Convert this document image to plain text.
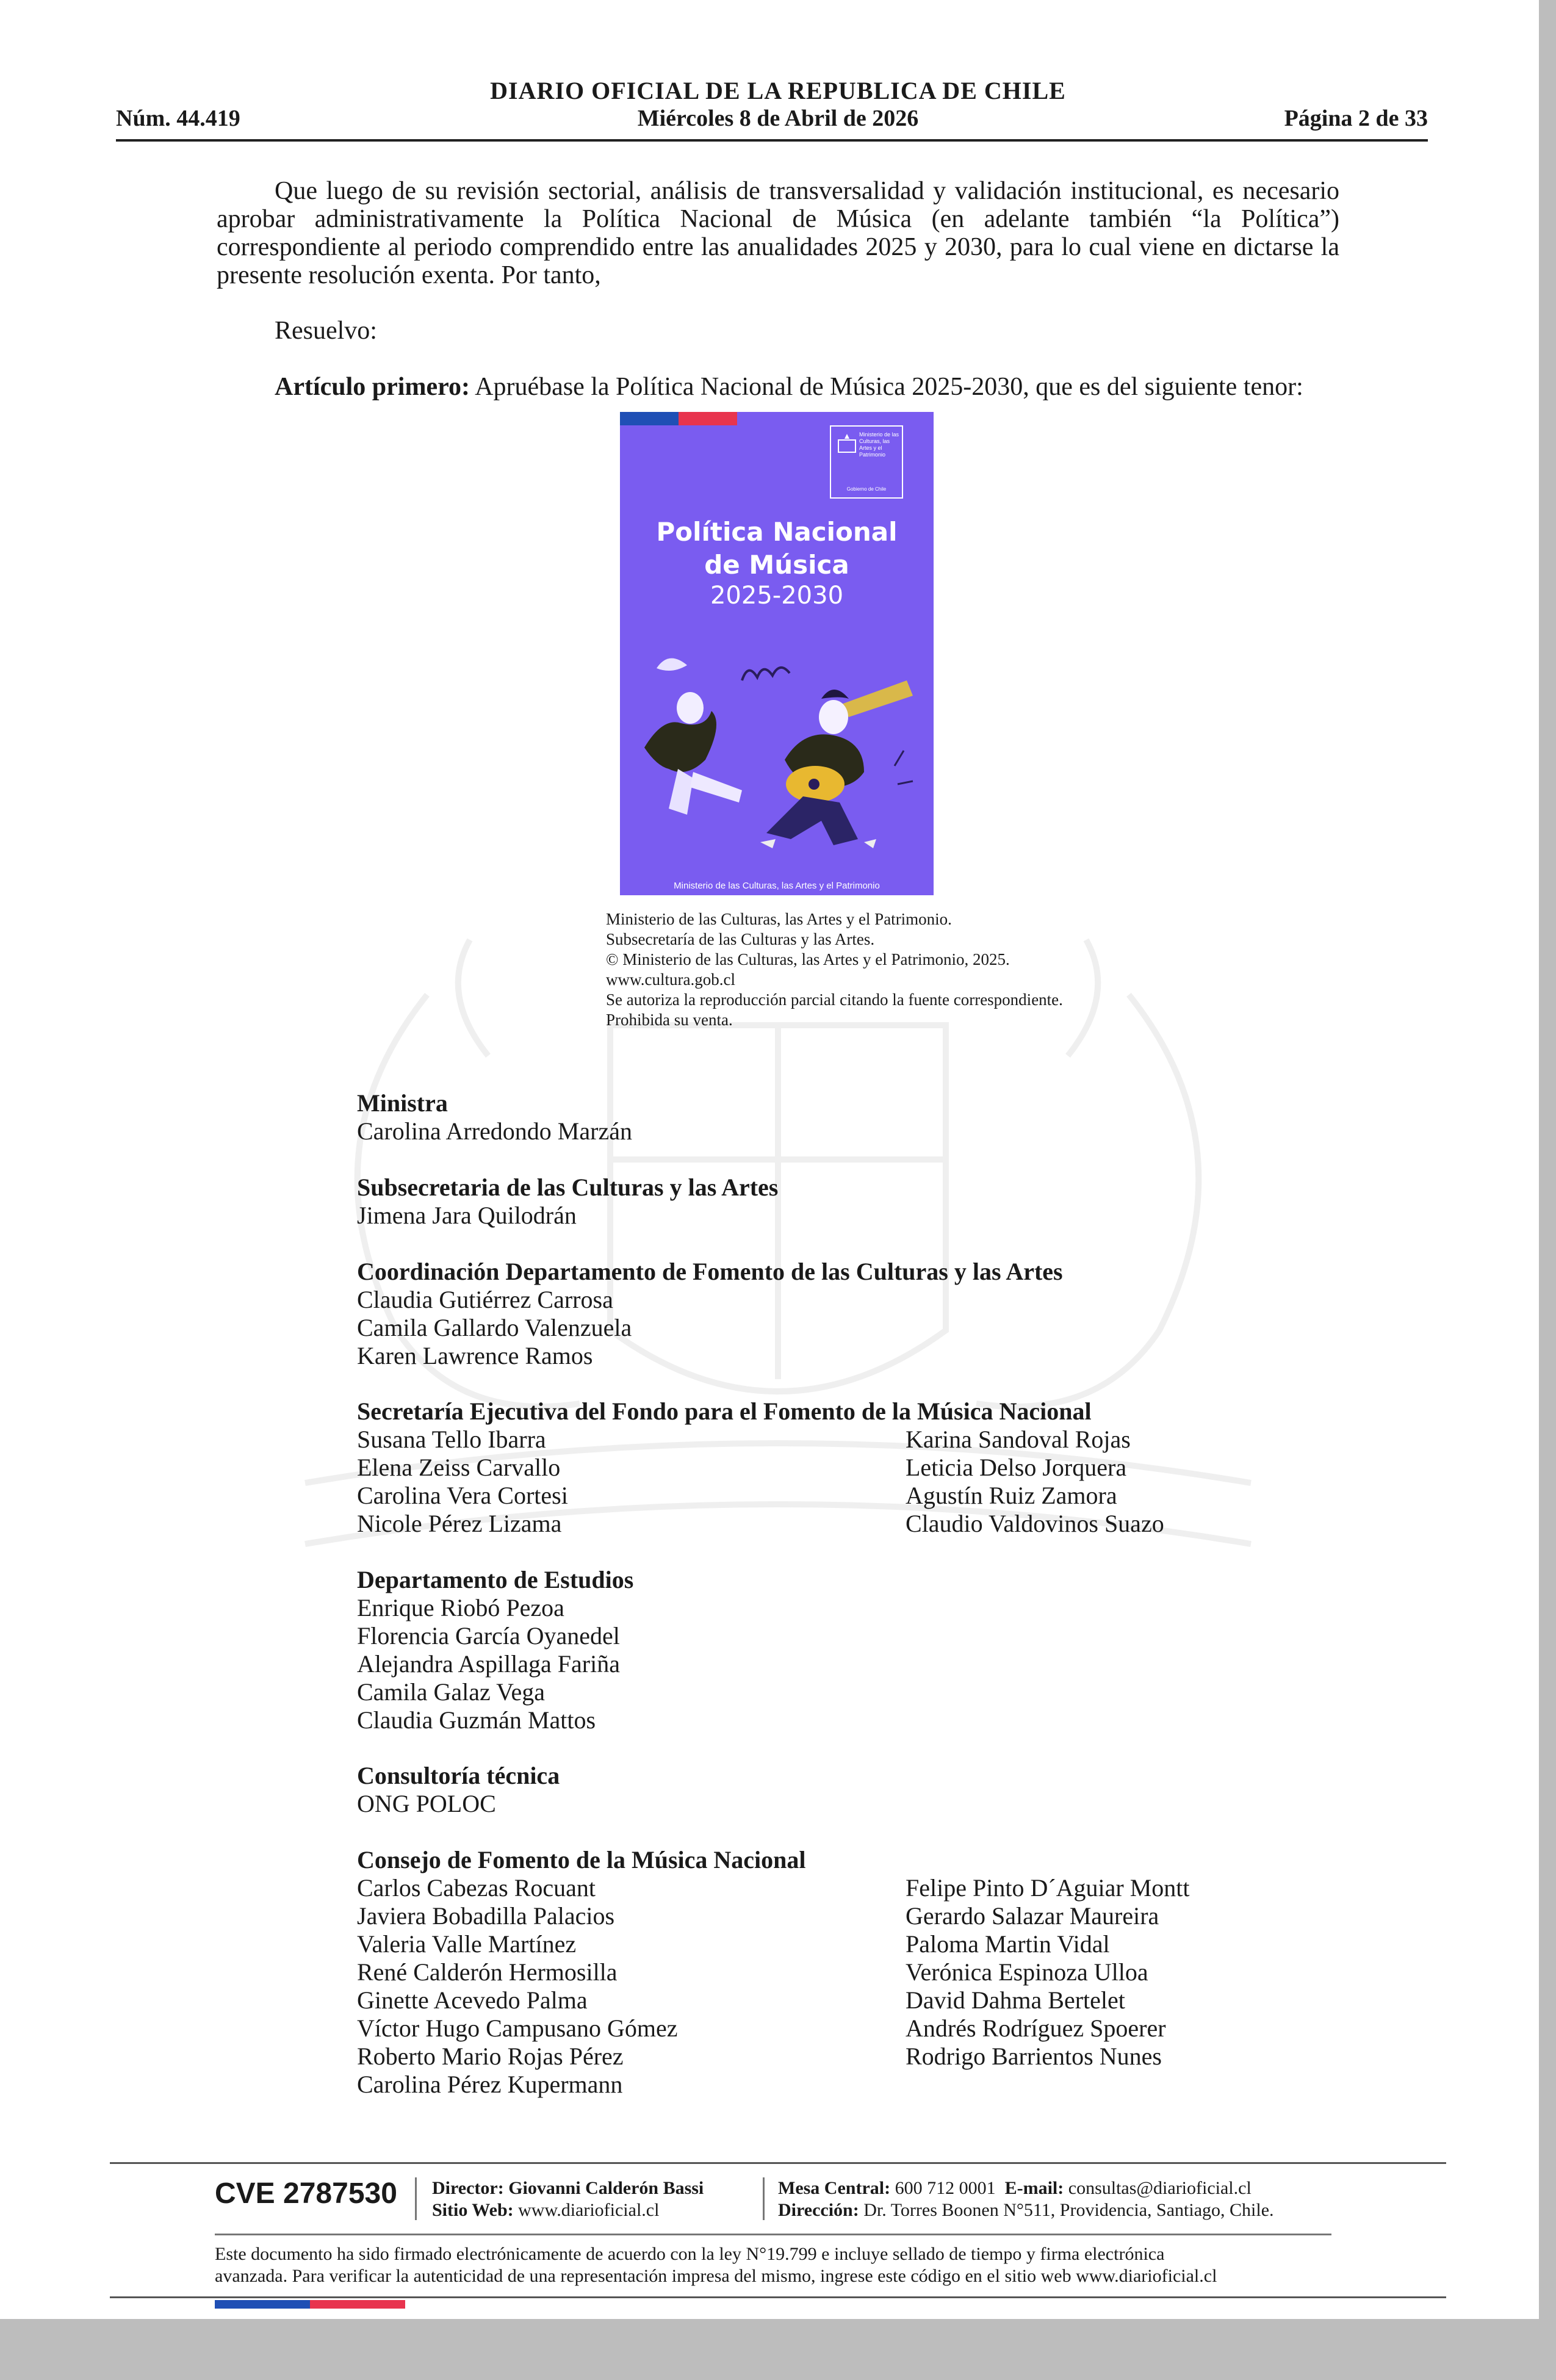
DIARIO OFICIAL DE LA REPUBLICA DE CHILE
Núm. 44.419	Miércoles 8 de Abril de 2026	Página 2 de 33

Que luego de su revisión sectorial, análisis de transversalidad y validación institucional, es necesario aprobar administrativamente la Política Nacional de Música (en adelante también “la Política”) correspondiente al periodo comprendido entre las anualidades 2025 y 2030, para lo cual viene en dictarse la presente resolución exenta. Por tanto,

Resuelvo:
Artículo primero: Apruébase la Política Nacional de Música 2025-2030, que es del siguiente tenor:
Ministerio de las Culturas, las Artes y el Patrimonio
Gobierno de Chile
Política Nacional
de Música
2025-2030
Ministerio de las Culturas, las Artes y el Patrimonio
Ministerio de las Culturas, las Artes y el Patrimonio.
Subsecretaría de las Culturas y las Artes.
© Ministerio de las Culturas, las Artes y el Patrimonio, 2025.
www.cultura.gob.cl
Se autoriza la reproducción parcial citando la fuente correspondiente.
Prohibida su venta.
Ministra
Carolina Arredondo Marzán
Subsecretaria de las Culturas y las Artes
Jimena Jara Quilodrán
Coordinación Departamento de Fomento de las Culturas y las Artes
Claudia Gutiérrez Carrosa
Camila Gallardo Valenzuela
Karen Lawrence Ramos
Secretaría Ejecutiva del Fondo para el Fomento de la Música Nacional
Susana Tello Ibarra
Elena Zeiss Carvallo
Carolina Vera Cortesi
Nicole Pérez Lizama
Karina Sandoval Rojas
Leticia Delso Jorquera
Agustín Ruiz Zamora
Claudio Valdovinos Suazo
Departamento de Estudios
Enrique Riobó Pezoa
Florencia García Oyanedel
Alejandra Aspillaga Fariña
Camila Galaz Vega
Claudia Guzmán Mattos
Consultoría técnica
ONG POLOC
Consejo de Fomento de la Música Nacional
Carlos Cabezas Rocuant
Javiera Bobadilla Palacios
Valeria Valle Martínez
René Calderón Hermosilla
Ginette Acevedo Palma
Víctor Hugo Campusano Gómez
Roberto Mario Rojas Pérez
Carolina Pérez Kupermann
Felipe Pinto D´Aguiar Montt
Gerardo Salazar Maureira
Paloma Martin Vidal
Verónica Espinoza Ulloa
David Dahma Bertelet
Andrés Rodríguez Spoerer
Rodrigo Barrientos Nunes
CVE 2787530 Director: Giovanni Calderón Bassi
Sitio Web: www.diarioficial.cl
Mesa Central: 600 712 0001 E-mail: consultas@diarioficial.cl
Dirección: Dr. Torres Boonen N°511, Providencia, Santiago, Chile.
Este documento ha sido firmado electrónicamente de acuerdo con la ley N°19.799 e incluye sellado de tiempo y firma electrónica
avanzada. Para verificar la autenticidad de una representación impresa del mismo, ingrese este código en el sitio web www.diarioficial.cl
